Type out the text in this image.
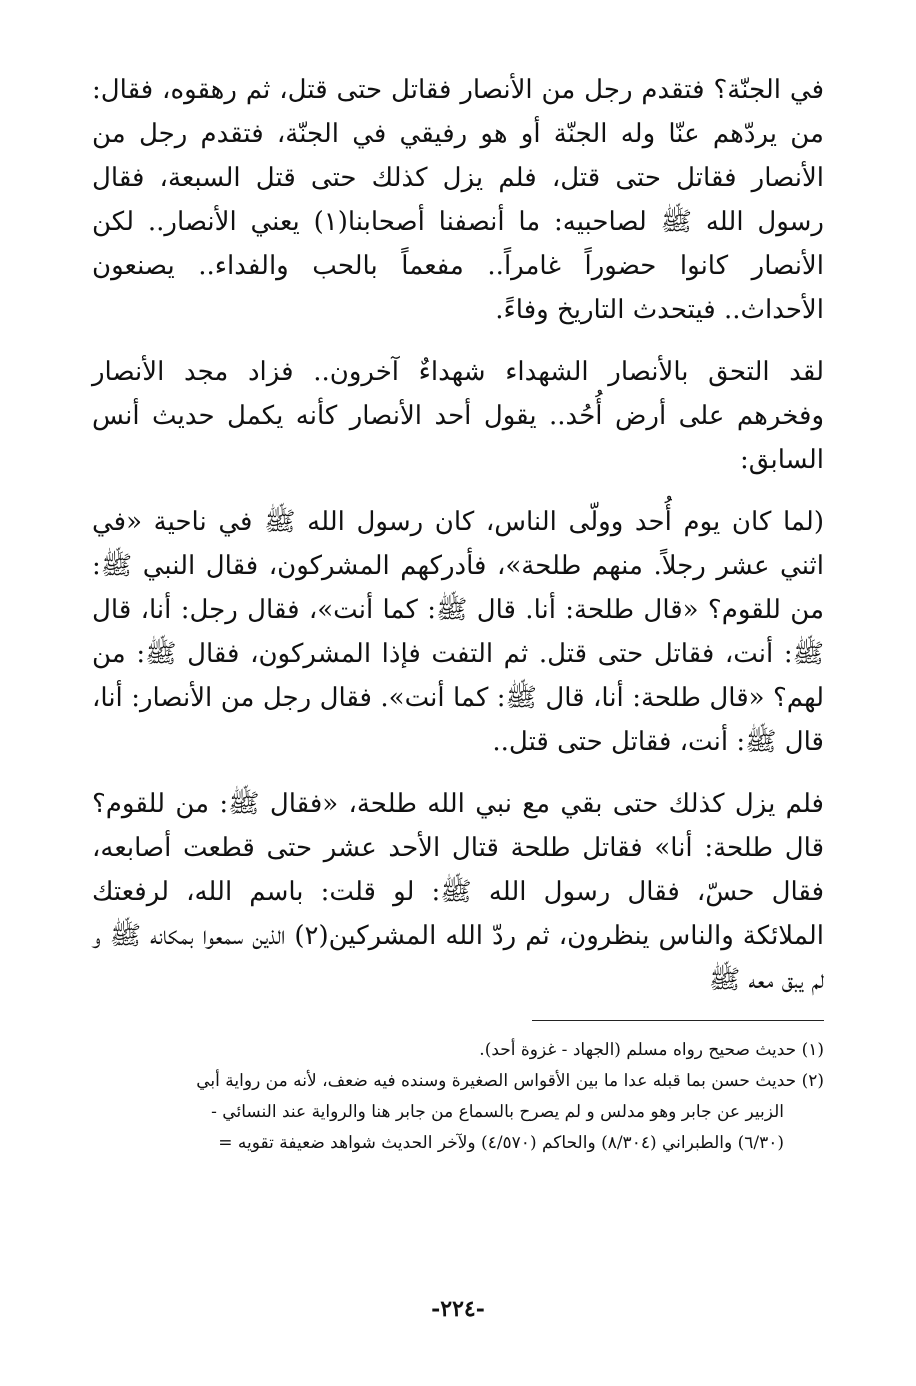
في الجنّة؟ فتقدم رجل من الأنصار فقاتل حتى قتل، ثم رهقوه، فقال: من يردّهم عنّا وله الجنّة أو هو رفيقي في الجنّة، فتقدم رجل من الأنصار فقاتل حتى قتل، فلم يزل كذلك حتى قتل السبعة، فقال رسول الله ﷺ لصاحبيه: ما أنصفنا أصحابنا(١) يعني الأنصار.. لكن الأنصار كانوا حضوراً غامراً.. مفعماً بالحب والفداء.. يصنعون الأحداث.. فيتحدث التاريخ وفاءً.

لقد التحق بالأنصار الشهداء شهداءٌ آخرون.. فزاد مجد الأنصار وفخرهم على أرض أُحُد.. يقول أحد الأنصار كأنه يكمل حديث أنس السابق:

(لما كان يوم أُحد وولّى الناس، كان رسول الله ﷺ في ناحية «في اثني عشر رجلاً. منهم طلحة»، فأدركهم المشركون، فقال النبي ﷺ: من للقوم؟ «قال طلحة: أنا. قال ﷺ: كما أنت»، فقال رجل: أنا، قال ﷺ: أنت، فقاتل حتى قتل. ثم التفت فإذا المشركون، فقال ﷺ: من لهم؟ «قال طلحة: أنا، قال ﷺ: كما أنت». فقال رجل من الأنصار: أنا، قال ﷺ: أنت، فقاتل حتى قتل..

فلم يزل كذلك حتى بقي مع نبي الله طلحة، «فقال ﷺ: من للقوم؟ قال طلحة: أنا» فقاتل طلحة قتال الأحد عشر حتى قطعت أصابعه، فقال حسّ، فقال رسول الله ﷺ: لو قلت: باسم الله، لرفعتك الملائكة والناس ينظرون، ثم ردّ الله المشركين(٢) الذين سمعوا بمكانه ﷺ و لم يبق معه ﷺ

(١) حديث صحيح رواه مسلم (الجهاد - غزوة أحد).

(٢) حديث حسن بما قبله عدا ما بين الأقواس الصغيرة وسنده فيه ضعف، لأنه من رواية أبي

الزبير عن جابر وهو مدلس و لم يصرح بالسماع من جابر هنا والرواية عند النسائي -

(٦/٣٠) والطبراني (٨/٣٠٤) والحاكم (٤/٥٧٠) ولآخر الحديث شواهد ضعيفة تقويه =

-٢٢٤-
